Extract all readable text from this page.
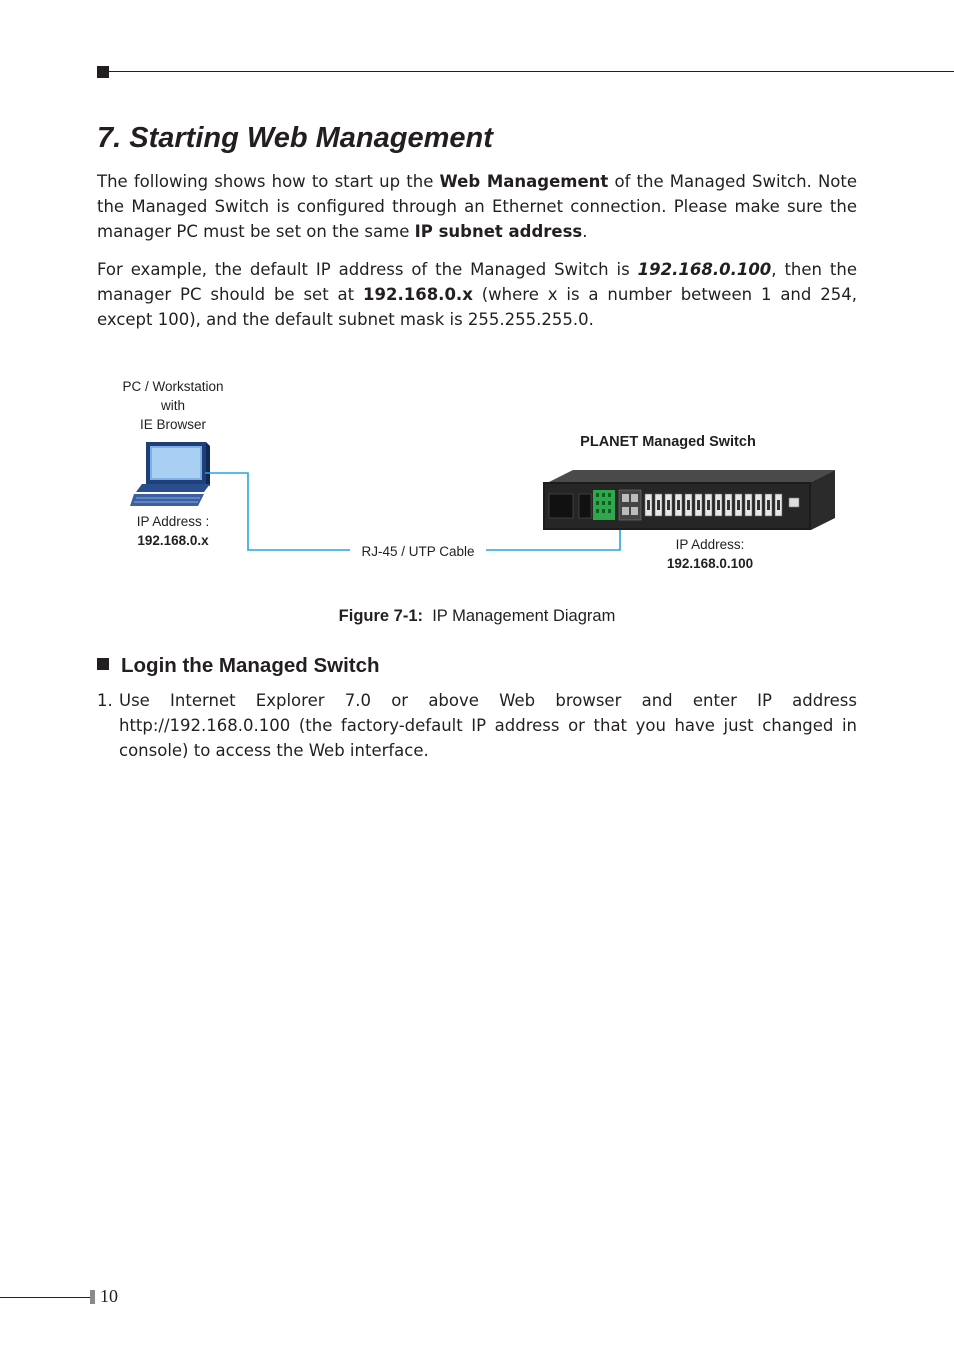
7. Starting Web Management

The following shows how to start up the Web Management of the Managed Switch. Note the Managed Switch is configured through an Ethernet connection. Please make sure the manager PC must be set on the same IP subnet address.

For example, the default IP address of the Managed Switch is 192.168.0.100, then the manager PC should be set at 192.168.0.x (where x is a number between 1 and 254, except 100), and the default subnet mask is 255.255.255.0.

PC / Workstation
with
IE Browser
IP Address :
192.168.0.x
RJ-45 / UTP Cable
PLANET Managed Switch
IP Address:
192.168.0.100
Figure 7-1: IP Management Diagram
Login the Managed Switch
1. Use Internet Explorer 7.0 or above Web browser and enter IP address http://192.168.0.100 (the factory-default IP address or that you have just changed in console) to access the Web interface.
10
